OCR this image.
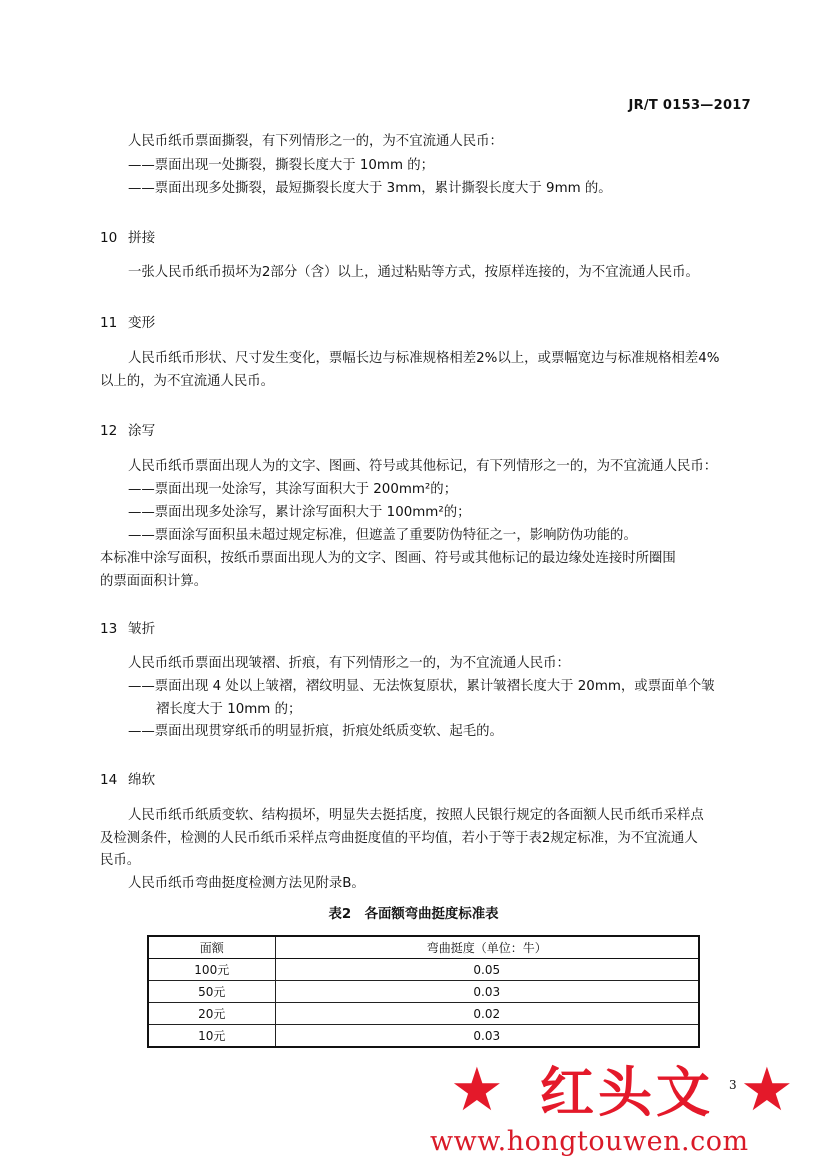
JR/T 0153—2017
人民币纸币票面撕裂，有下列情形之一的，为不宜流通人民币：
——票面出现一处撕裂，撕裂长度大于 10mm 的；
——票面出现多处撕裂，最短撕裂长度大于 3mm，累计撕裂长度大于 9mm 的。
10 拼接
一张人民币纸币损坏为2部分（含）以上，通过粘贴等方式，按原样连接的，为不宜流通人民币。
11 变形
人民币纸币形状、尺寸发生变化，票幅长边与标准规格相差2%以上，或票幅宽边与标准规格相差4%
以上的，为不宜流通人民币。
12 涂写
人民币纸币票面出现人为的文字、图画、符号或其他标记，有下列情形之一的，为不宜流通人民币：
——票面出现一处涂写，其涂写面积大于 200mm²的；
——票面出现多处涂写，累计涂写面积大于 100mm²的；
——票面涂写面积虽未超过规定标准，但遮盖了重要防伪特征之一，影响防伪功能的。
本标准中涂写面积，按纸币票面出现人为的文字、图画、符号或其他标记的最边缘处连接时所圈围
的票面面积计算。
13 皱折
人民币纸币票面出现皱褶、折痕，有下列情形之一的，为不宜流通人民币：
——票面出现 4 处以上皱褶，褶纹明显、无法恢复原状，累计皱褶长度大于 20mm，或票面单个皱
褶长度大于 10mm 的；
——票面出现贯穿纸币的明显折痕，折痕处纸质变软、起毛的。
14 绵软
人民币纸币纸质变软、结构损坏，明显失去挺括度，按照人民银行规定的各面额人民币纸币采样点
及检测条件，检测的人民币纸币采样点弯曲挺度值的平均值，若小于等于表2规定标准，为不宜流通人
民币。
人民币纸币弯曲挺度检测方法见附录B。
表2　各面额弯曲挺度标准表
面额	弯曲挺度（单位：牛）
100元	0.05
50元	0.03
20元	0.02
10元	0.03
3
★ 红头文 ★
www.hongtouwen.com
